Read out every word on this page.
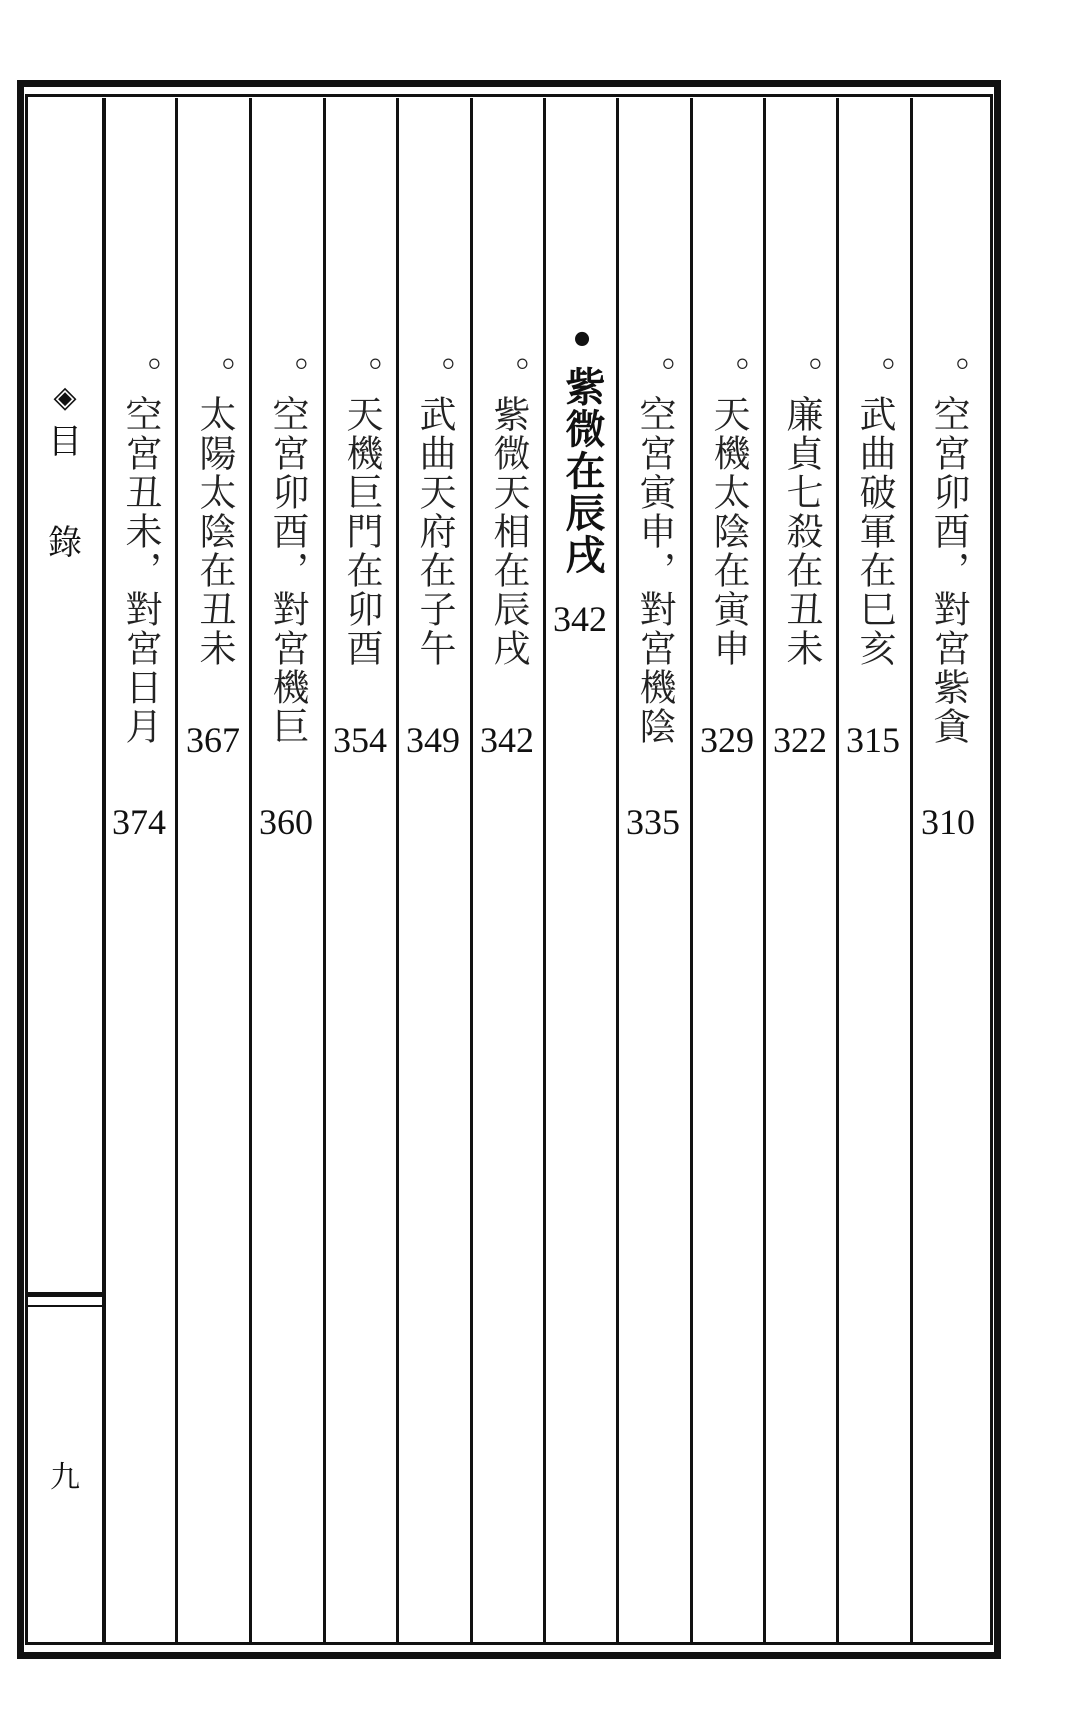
◈
目
錄
九
。空宮卯酉，對宮紫貪
310
。武曲破軍在巳亥
315
。廉貞七殺在丑未
322
。天機太陰在寅申
329
。空宮寅申，對宮機陰
335
•紫微在辰戌
342
。紫微天相在辰戌
342
。武曲天府在子午
349
。天機巨門在卯酉
354
。空宮卯酉，對宮機巨
360
。太陽太陰在丑未
367
。空宮丑未，對宮日月
374
